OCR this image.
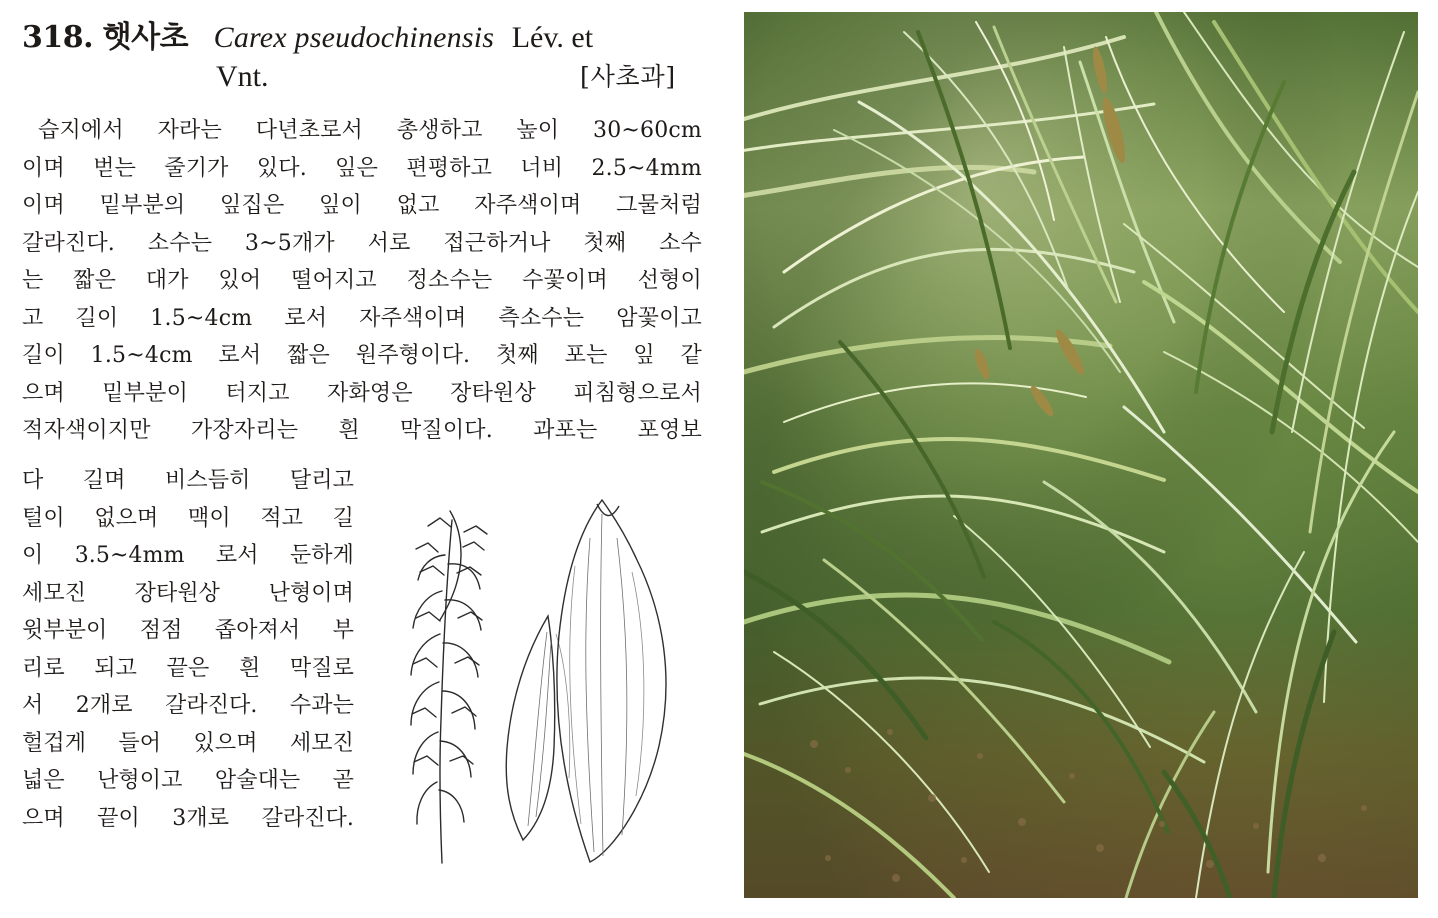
318. 햇사초 Carex pseudochinensis Lév. et
Vnt.	[사초과]
습지에서 자라는 다년초로서 총생하고 높이 30~60cm
이며 벋는 줄기가 있다. 잎은 편평하고 너비 2.5~4mm
이며 밑부분의 잎집은 잎이 없고 자주색이며 그물처럼
갈라진다. 소수는 3~5개가 서로 접근하거나 첫째 소수
는 짧은 대가 있어 떨어지고 정소수는 수꽃이며 선형이
고 길이 1.5~4cm 로서 자주색이며 측소수는 암꽃이고
길이 1.5~4cm 로서 짧은 원주형이다. 첫째 포는 잎 같
으며 밑부분이 터지고 자화영은 장타원상 피침형으로서
적자색이지만 가장자리는 흰 막질이다. 과포는 포영보
다 길며 비스듬히 달리고
털이 없으며 맥이 적고 길
이 3.5~4mm 로서 둔하게
세모진 장타원상 난형이며
윗부분이 점점 좁아져서 부
리로 되고 끝은 흰 막질로
서 2개로 갈라진다. 수과는
헐겁게 들어 있으며 세모진
넓은 난형이고 암술대는 곧
으며 끝이 3개로 갈라진다.
